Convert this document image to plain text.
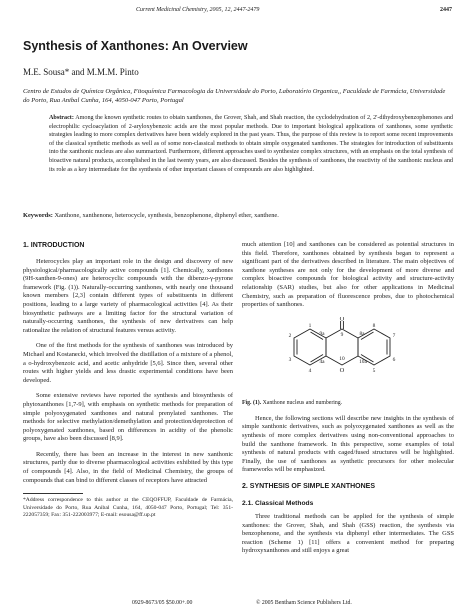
Current Medicinal Chemistry, 2005, 12, 2447-2479	2447
Synthesis of Xanthones: An Overview
M.E. Sousa* and M.M.M. Pinto
Centro de Estudos de Química Orgânica, Fitoquímica Farmacologia da Universidade do Porto, Laboratório Organica,, Faculdade de Farmácia, Universidade do Porto, Rua Anibal Cunha, 164, 4050-047 Porto, Portugal
Abstract: Among the known synthetic routes to obtain xanthones, the Grover, Shah, and Shah reaction, the cyclodehydration of 2, 2'-dihydroxybenzophenones and electrophilic cycloacylation of 2-aryloxybenzoic acids are the most popular methods. Due to important biological applications of xanthones, some synthetic strategies leading to more complex derivatives have been widely explored in the past years. Thus, the purpose of this review is to report some recent improvements of the classical synthetic methods as well as of some non-classical methods to obtain simple oxygenated xanthones. The strategies for introduction of substituents into the xanthonic nucleus are also summarized. Furthermore, different approaches used to synthesize complex structures, with an emphasis on the total synthesis of bioactive natural products, accomplished in the last twenty years, are also discussed. Besides the synthesis of xanthones, the reactivity of the xanthonic nucleus and its role as a key intermediate for the synthesis of other important classes of compounds are also highlighted.
Keywords: Xanthone, xanthenone, heterocycle, synthesis, benzophenone, diphenyl ether, xanthene.
1. INTRODUCTION

Heterocycles play an important role in the design and discovery of new physiological/pharmacologically active compounds [1]. Chemically, xanthones (9H-xanthen-9-ones) are heterocyclic compounds with the dibenzo-γ-pyrone framework (Fig. (1)). Naturally-occurring xanthones, with nearly one thousand known members [2,3] contain different types of substituents in different positions, leading to a large variety of pharmacological activities [4]. As their biosynthetic pathways are a limiting factor for the structural variation of naturally-occurring xanthones, the synthesis of new derivatives can help rationalize the relation of structural features versus activity.

One of the first methods for the synthesis of xanthones was introduced by Michael and Kostanecki, which involved the distillation of a mixture of a phenol, a o-hydroxybenzoic acid, and acetic anhydride [5,6]. Since then, several other routes with higher yields and less drastic experimental conditions have been developed.

Some extensive reviews have reported the synthesis and biosynthesis of phytoxanthones [1,7-9], with emphasis on synthetic methods for preparation of simple polyoxygenated xanthones and natural prenylated xanthones. The methods for selective methylation/demethylation and protection/deprotection of polyoxygenated xanthones, based on differences in acidity of the phenolic groups, have also been discussed [8,9].

Recently, there has been an increase in the interest in new xanthonic structures, partly due to diverse pharmacological activities exhibited by this type of compounds [4]. Also, in the field of Medicinal Chemistry, the groups of compounds that can bind to different classes of receptors have attracted

*Address correspondence to this author at the CEQOFFUP, Faculdade de Farmácia, Universidade do Porto, Rua Anibal Cunha, 164, 4050-047 Porto, Portugal; Tel: 351-222057359; Fax: 351-222003977; E-mail: esousa@ff.up.pt

much attention [10] and xanthones can be considered as potential structures in this field. Therefore, xanthones obtained by synthesis began to represent a significant part of the derivatives described in literature. The main objectives of xanthone syntheses are not only for the development of more diverse and complex bioactive compounds for biological activity and structure-activity relationship (SAR) studies, but also for other applications in Medicinal Chemistry, such as preparation of fluorescence probes, due to photochemical properties of xanthones.

O
9
9a	8a
1
2
3
4
4a	10
O
10a
5
6
7
8

Fig. (1). Xanthone nucleus and numbering.

Hence, the following sections will describe new insights in the synthesis of simple xanthonic derivatives, such as polyoxygenated xanthones as well as the synthesis of more complex derivatives using non-conventional approaches to build the xanthone framework. In this perspective, some examples of total synthesis of natural products with caged/fused structures will be highlighted. Finally, the use of xanthones as synthetic precursors for other molecular frameworks will be emphasized.

2. SYNTHESIS OF SIMPLE XANTHONES
2.1. Classical Methods

Three traditional methods can be applied for the synthesis of simple xanthones: the Grover, Shah, and Shah (GSS) reaction, the synthesis via benzophenone, and the synthesis via diphenyl ether intermediates. The GSS reaction (Scheme 1) [11] offers a convenient method for preparing hydroxyxanthones and still enjoys a great

0929-8673/05 $50.00+.00	© 2005 Bentham Science Publishers Ltd.
